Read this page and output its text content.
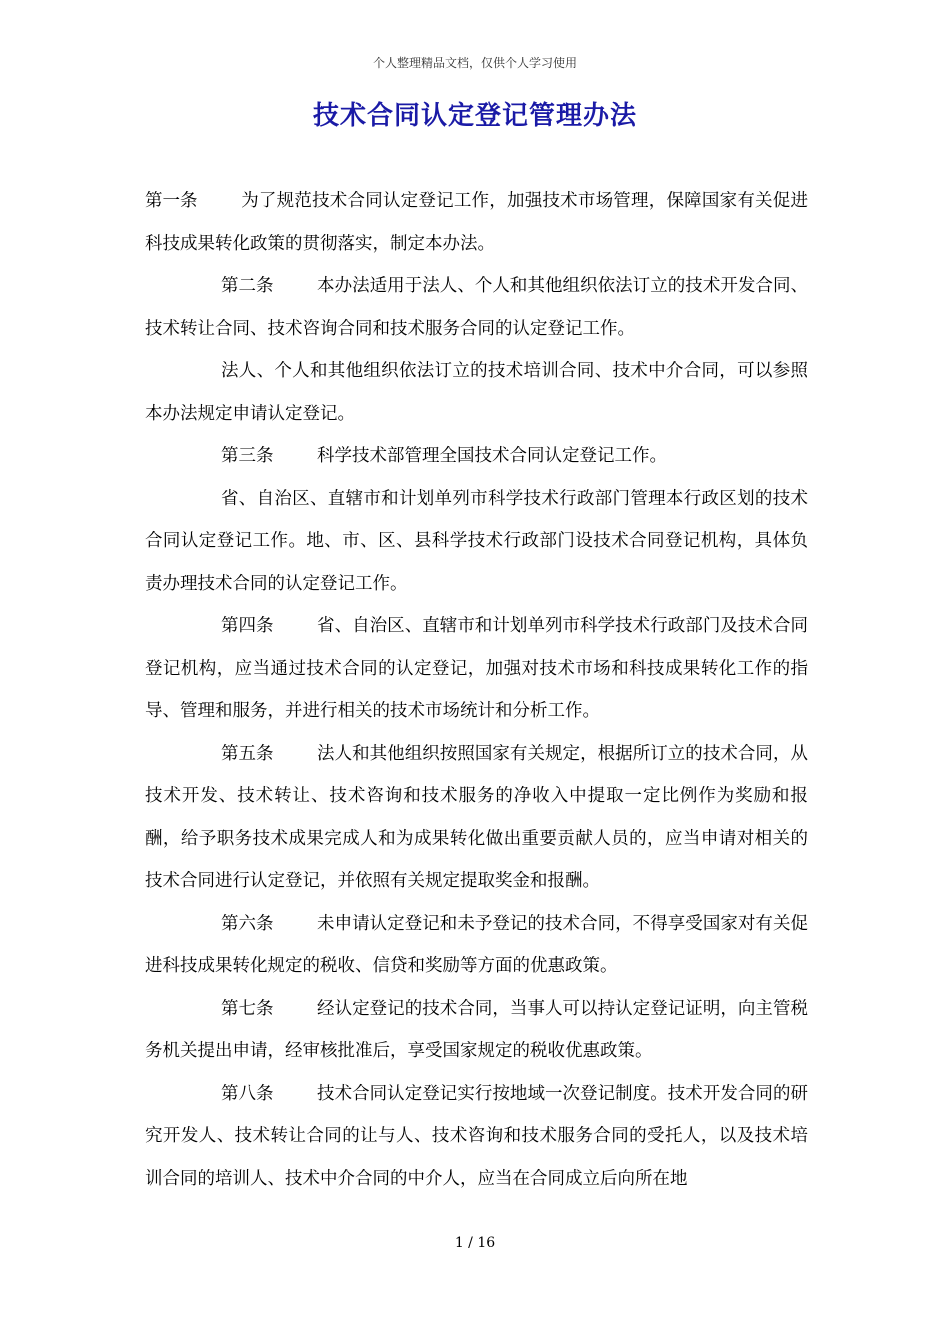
个人整理精品文档，仅供个人学习使用
技术合同认定登记管理办法

第一条 为了规范技术合同认定登记工作，加强技术市场管理，保障国家有关促进科技成果转化政策的贯彻落实，制定本办法。

第二条 本办法适用于法人、个人和其他组织依法订立的技术开发合同、技术转让合同、技术咨询合同和技术服务合同的认定登记工作。

法人、个人和其他组织依法订立的技术培训合同、技术中介合同，可以参照本办法规定申请认定登记。

第三条 科学技术部管理全国技术合同认定登记工作。

省、自治区、直辖市和计划单列市科学技术行政部门管理本行政区划的技术合同认定登记工作。地、市、区、县科学技术行政部门设技术合同登记机构，具体负责办理技术合同的认定登记工作。

第四条 省、自治区、直辖市和计划单列市科学技术行政部门及技术合同登记机构，应当通过技术合同的认定登记，加强对技术市场和科技成果转化工作的指导、管理和服务，并进行相关的技术市场统计和分析工作。

第五条 法人和其他组织按照国家有关规定，根据所订立的技术合同，从技术开发、技术转让、技术咨询和技术服务的净收入中提取一定比例作为奖励和报酬，给予职务技术成果完成人和为成果转化做出重要贡献人员的，应当申请对相关的技术合同进行认定登记，并依照有关规定提取奖金和报酬。

第六条 未申请认定登记和未予登记的技术合同，不得享受国家对有关促进科技成果转化规定的税收、信贷和奖励等方面的优惠政策。

第七条 经认定登记的技术合同，当事人可以持认定登记证明，向主管税务机关提出申请，经审核批准后，享受国家规定的税收优惠政策。

第八条 技术合同认定登记实行按地域一次登记制度。技术开发合同的研究开发人、技术转让合同的让与人、技术咨询和技术服务合同的受托人，以及技术培训合同的培训人、技术中介合同的中介人，应当在合同成立后向所在地

1 / 16
